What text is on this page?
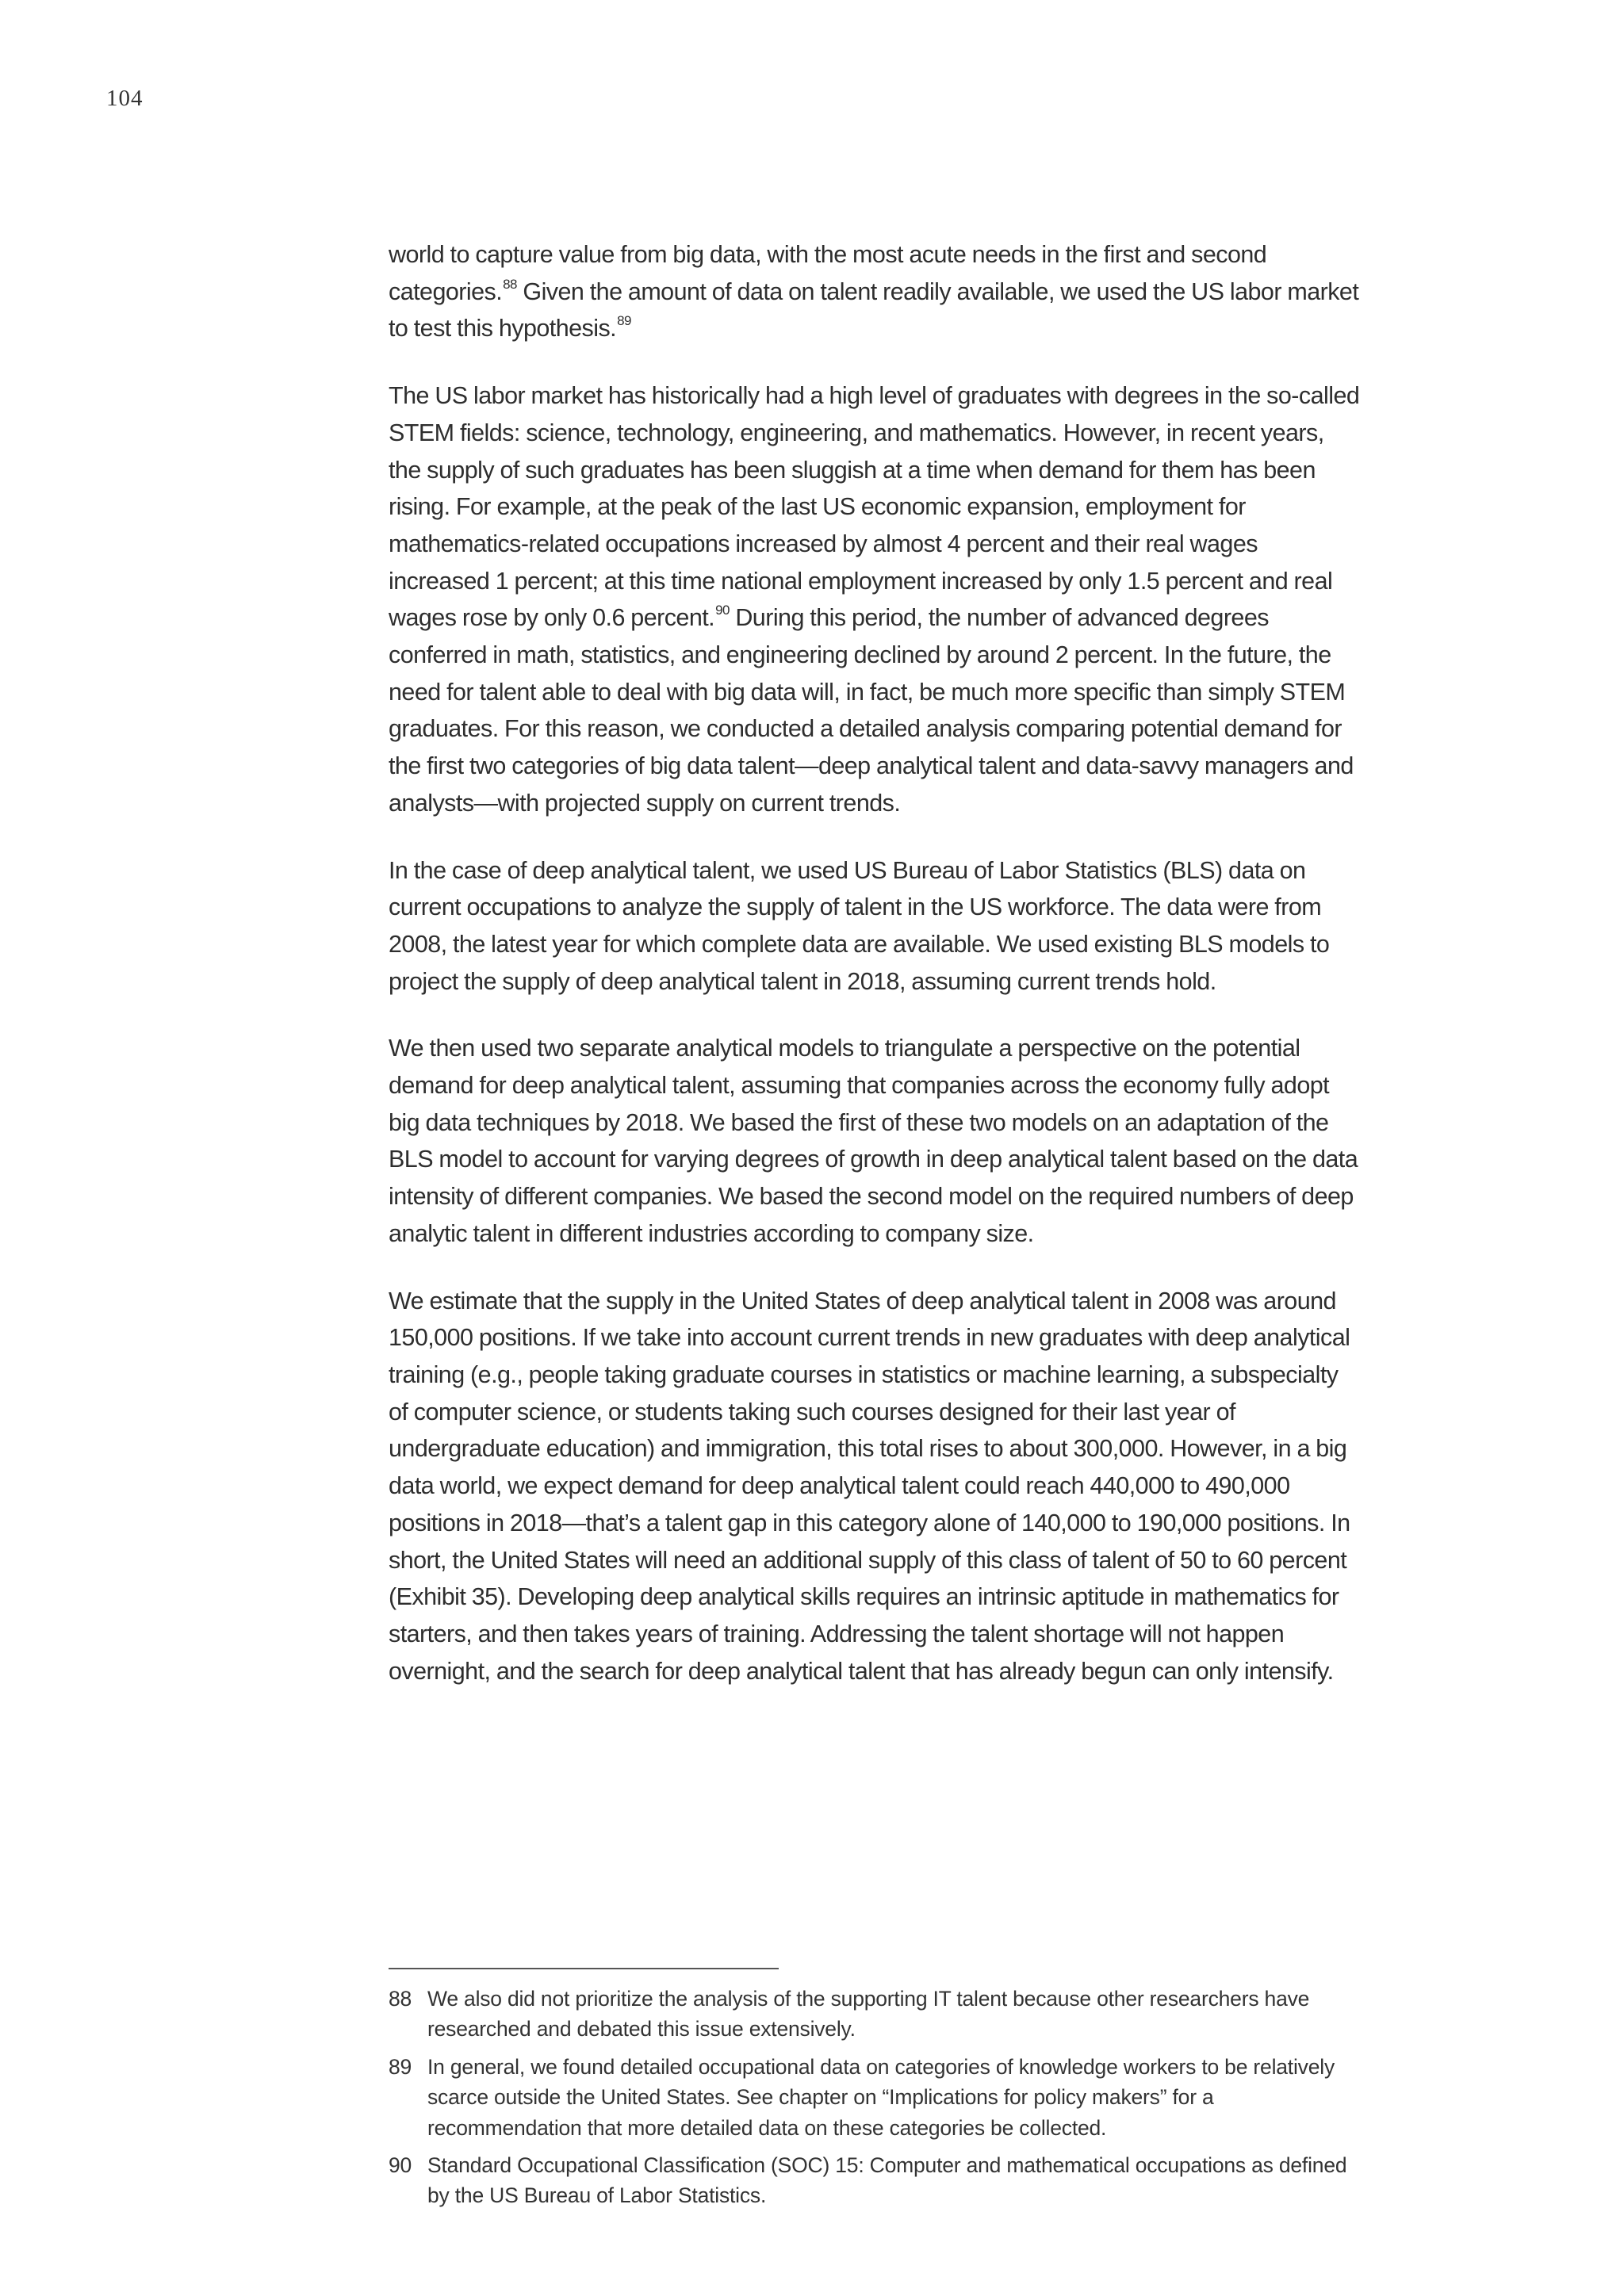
104

world to capture value from big data, with the most acute needs in the first and second categories.$^{88}$ Given the amount of data on talent readily available, we used the US labor market to test this hypothesis.$^{89}$

The US labor market has historically had a high level of graduates with degrees in the so-called STEM fields: science, technology, engineering, and mathematics. However, in recent years, the supply of such graduates has been sluggish at a time when demand for them has been rising. For example, at the peak of the last US economic expansion, employment for mathematics-related occupations increased by almost 4 percent and their real wages increased 1 percent; at this time national employment increased by only 1.5 percent and real wages rose by only 0.6 percent.$^{90}$ During this period, the number of advanced degrees conferred in math, statistics, and engineering declined by around 2 percent. In the future, the need for talent able to deal with big data will, in fact, be much more specific than simply STEM graduates. For this reason, we conducted a detailed analysis comparing potential demand for the first two categories of big data talent—deep analytical talent and data-savvy managers and analysts—with projected supply on current trends.

In the case of deep analytical talent, we used US Bureau of Labor Statistics (BLS) data on current occupations to analyze the supply of talent in the US workforce. The data were from 2008, the latest year for which complete data are available. We used existing BLS models to project the supply of deep analytical talent in 2018, assuming current trends hold.

We then used two separate analytical models to triangulate a perspective on the potential demand for deep analytical talent, assuming that companies across the economy fully adopt big data techniques by 2018. We based the first of these two models on an adaptation of the BLS model to account for varying degrees of growth in deep analytical talent based on the data intensity of different companies. We based the second model on the required numbers of deep analytic talent in different industries according to company size.

We estimate that the supply in the United States of deep analytical talent in 2008 was around 150,000 positions. If we take into account current trends in new graduates with deep analytical training (e.g., people taking graduate courses in statistics or machine learning, a subspecialty of computer science, or students taking such courses designed for their last year of undergraduate education) and immigration, this total rises to about 300,000. However, in a big data world, we expect demand for deep analytical talent could reach 440,000 to 490,000 positions in 2018—that’s a talent gap in this category alone of 140,000 to 190,000 positions. In short, the United States will need an additional supply of this class of talent of 50 to 60 percent (Exhibit 35). Developing deep analytical skills requires an intrinsic aptitude in mathematics for starters, and then takes years of training. Addressing the talent shortage will not happen overnight, and the search for deep analytical talent that has already begun can only intensify.

88 We also did not prioritize the analysis of the supporting IT talent because other researchers have researched and debated this issue extensively.
89 In general, we found detailed occupational data on categories of knowledge workers to be relatively scarce outside the United States. See chapter on “Implications for policy makers” for a recommendation that more detailed data on these categories be collected.
90 Standard Occupational Classification (SOC) 15: Computer and mathematical occupations as defined by the US Bureau of Labor Statistics.
